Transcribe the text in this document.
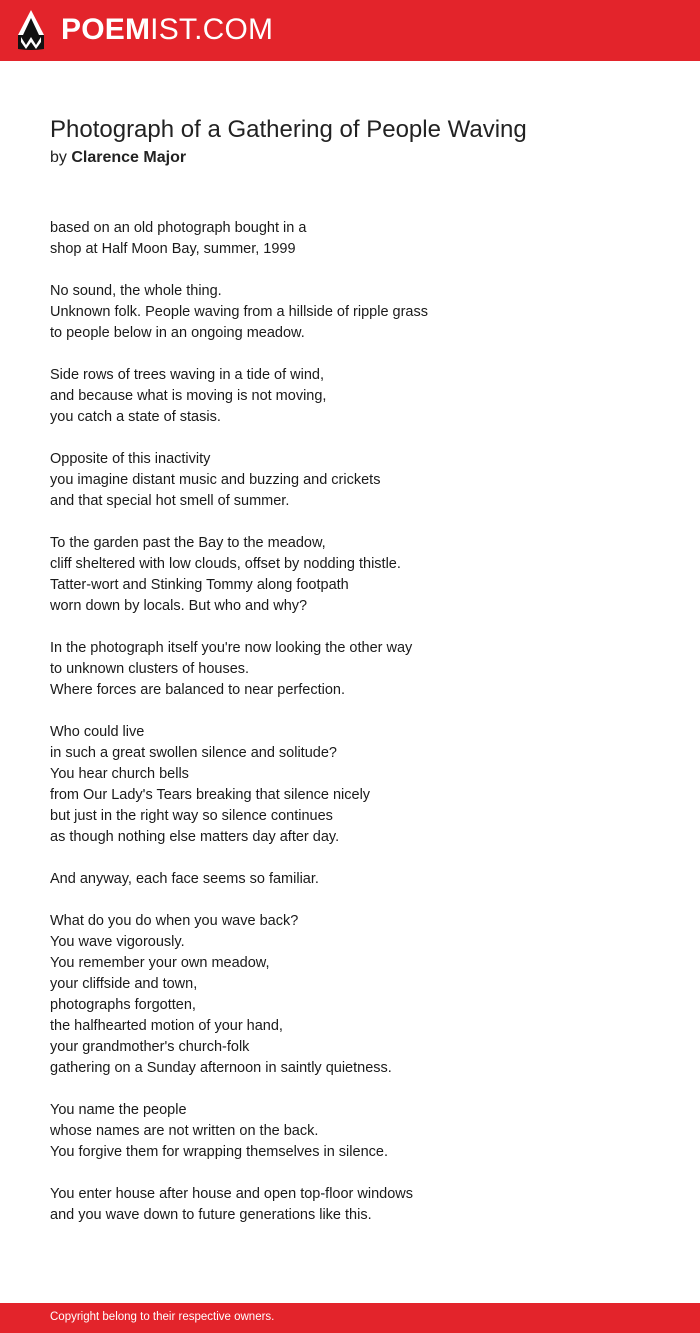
POEMIST.COM
Photograph of a Gathering of People Waving
by Clarence Major
based on an old photograph bought in a
shop at Half Moon Bay, summer, 1999
No sound, the whole thing.
Unknown folk. People waving from a hillside of ripple grass
to people below in an ongoing meadow.
Side rows of trees waving in a tide of wind,
and because what is moving is not moving,
you catch a state of stasis.
Opposite of this inactivity
you imagine distant music and buzzing and crickets
and that special hot smell of summer.
To the garden past the Bay to the meadow,
cliff sheltered with low clouds, offset by nodding thistle.
Tatter-wort and Stinking Tommy along footpath
worn down by locals. But who and why?
In the photograph itself you're now looking the other way
to unknown clusters of houses.
Where forces are balanced to near perfection.
Who could live
in such a great swollen silence and solitude?
You hear church bells
from Our Lady's Tears breaking that silence nicely
but just in the right way so silence continues
as though nothing else matters day after day.
And anyway, each face seems so familiar.
What do you do when you wave back?
You wave vigorously.
You remember your own meadow,
your cliffside and town,
photographs forgotten,
the halfhearted motion of your hand,
your grandmother's church-folk
gathering on a Sunday afternoon in saintly quietness.
You name the people
whose names are not written on the back.
You forgive them for wrapping themselves in silence.
You enter house after house and open top-floor windows
and you wave down to future generations like this.
Copyright belong to their respective owners.
